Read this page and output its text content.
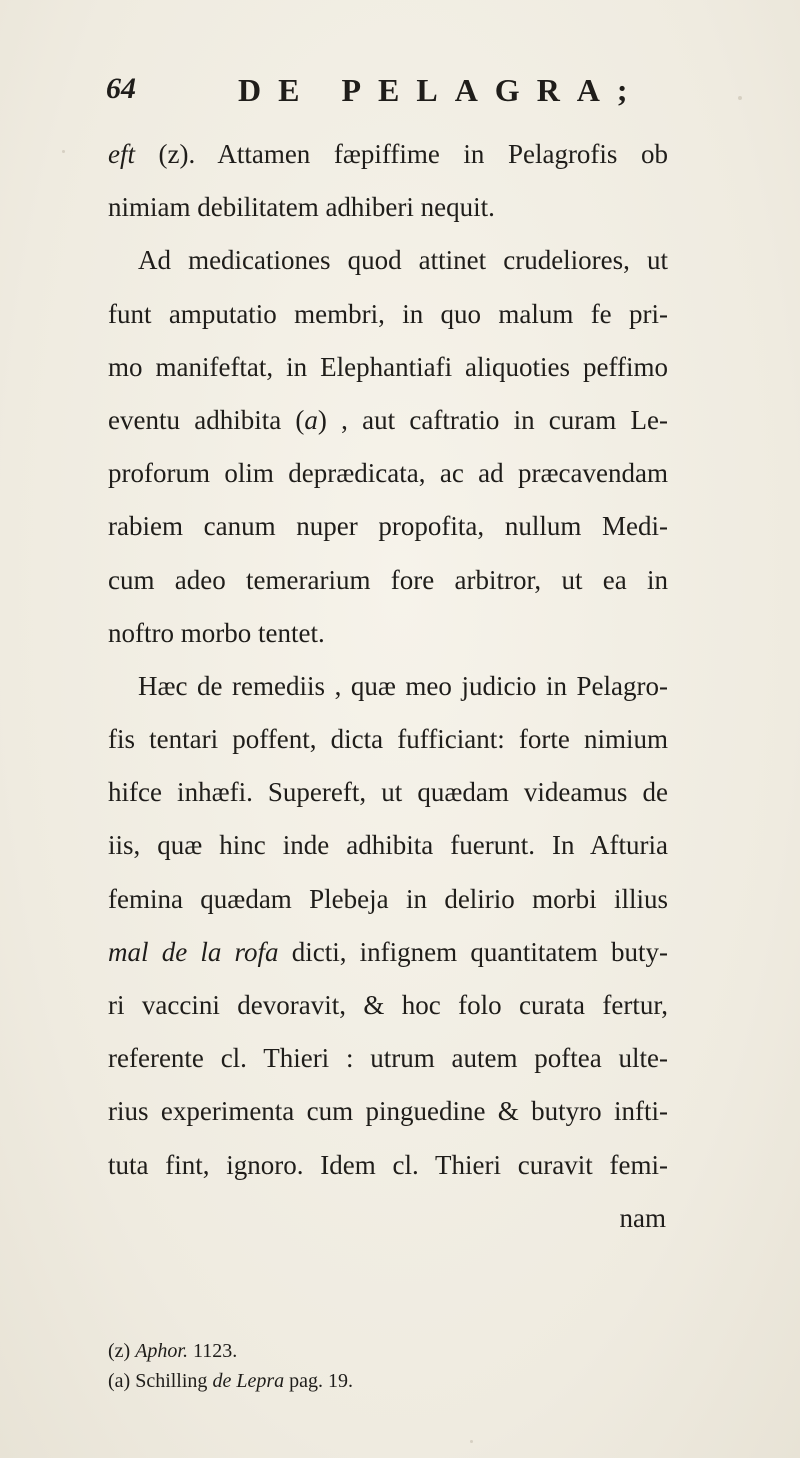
64	DE PELAGRA;
eft (z). Attamen fæpiffime in Pelagrofis ob
nimiam debilitatem adhiberi nequit.
Ad medicationes quod attinet crudeliores, ut
funt amputatio membri, in quo malum fe pri-
mo manifeftat, in Elephantiafi aliquoties peffimo
eventu adhibita (a) , aut caftratio in curam Le-
proforum olim deprædicata, ac ad præcavendam
rabiem canum nuper propofita, nullum Medi-
cum adeo temerarium fore arbitror, ut ea in
noftro morbo tentet.
Hæc de remediis , quæ meo judicio in Pelagro-
fis tentari poffent, dicta fufficiant: forte nimium
hifce inhæfi. Supereft, ut quædam videamus de
iis, quæ hinc inde adhibita fuerunt. In Afturia
femina quædam Plebeja in delirio morbi illius
mal de la rofa dicti, infignem quantitatem buty-
ri vaccini devoravit, & hoc folo curata fertur,
referente cl. Thieri : utrum autem poftea ulte-
rius experimenta cum pinguedine & butyro infti-
tuta fint, ignoro. Idem cl. Thieri curavit femi-
nam
(z) Aphor. 1123.
(a) Schilling de Lepra pag. 19.
